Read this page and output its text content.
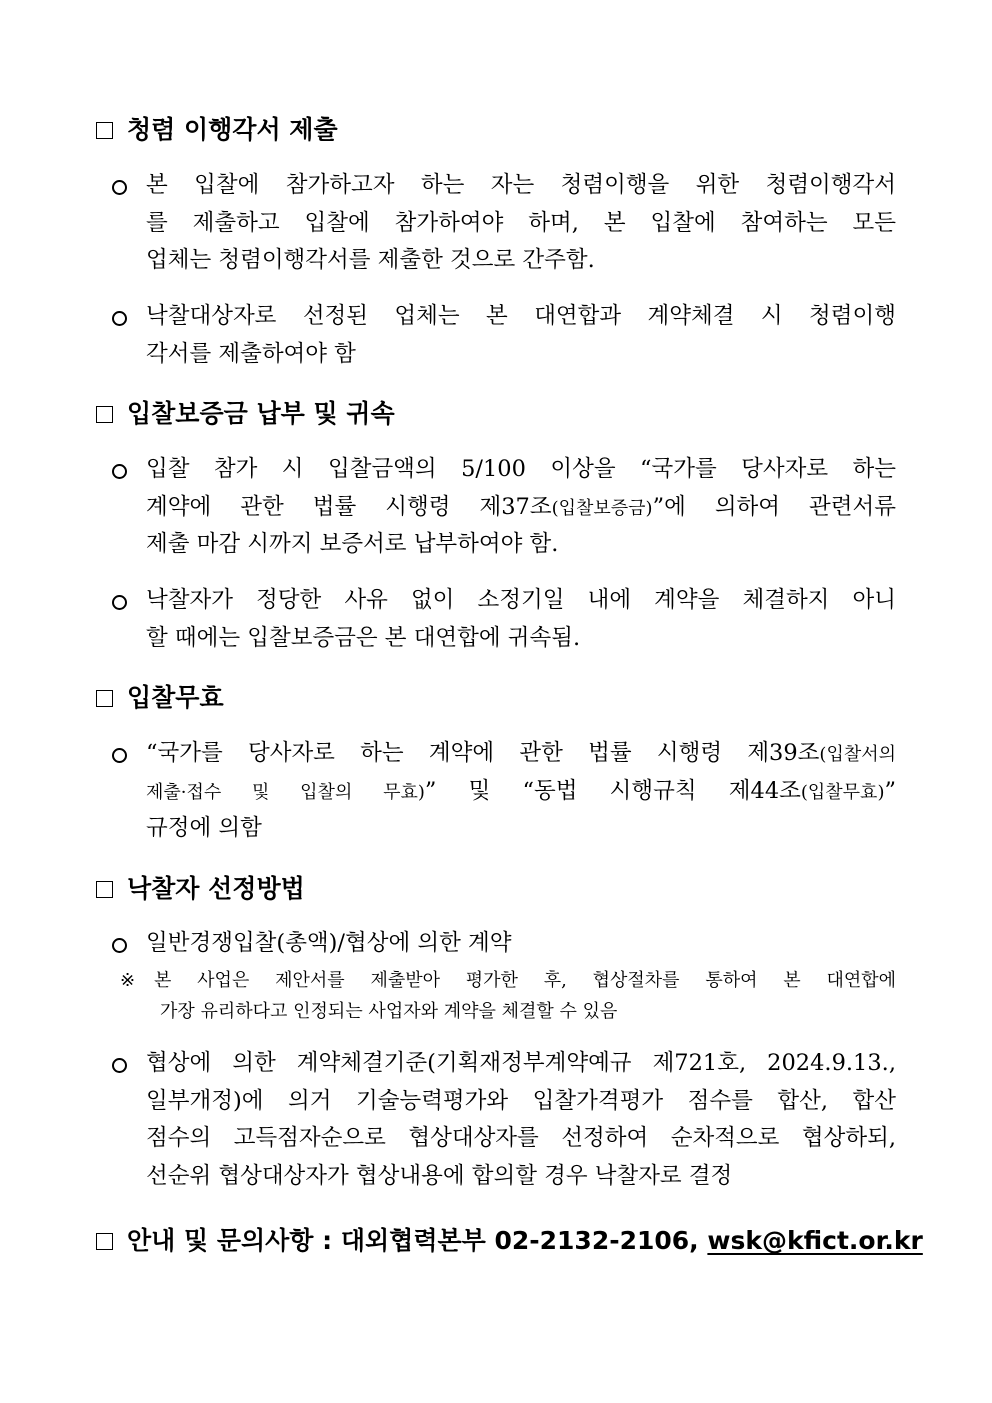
청렴 이행각서 제출
본 입찰에 참가하고자 하는 자는 청렴이행을 위한 청렴이행각서
를 제출하고 입찰에 참가하여야 하며, 본 입찰에 참여하는 모든
업체는 청렴이행각서를 제출한 것으로 간주함.
낙찰대상자로 선정된 업체는 본 대연합과 계약체결 시 청렴이행
각서를 제출하여야 함
입찰보증금 납부 및 귀속
입찰 참가 시 입찰금액의 5/100 이상을 “국가를 당사자로 하는
계약에 관한 법률 시행령 제37조(입찰보증금)”에 의하여 관련서류
제출 마감 시까지 보증서로 납부하여야 함.
낙찰자가 정당한 사유 없이 소정기일 내에 계약을 체결하지 아니
할 때에는 입찰보증금은 본 대연합에 귀속됨.
입찰무효
“국가를 당사자로 하는 계약에 관한 법률 시행령 제39조(입찰서의
제출·접수 및 입찰의 무효)” 및 “동법 시행규칙 제44조(입찰무효)”
규정에 의함
낙찰자 선정방법
일반경쟁입찰(총액)/협상에 의한 계약
※	본 사업은 제안서를 제출받아 평가한 후, 협상절차를 통하여 본 대연합에
가장 유리하다고 인정되는 사업자와 계약을 체결할 수 있음
협상에 의한 계약체결기준(기획재정부계약예규 제721호, 2024.9.13.,
일부개정)에 의거 기술능력평가와 입찰가격평가 점수를 합산, 합산
점수의 고득점자순으로 협상대상자를 선정하여 순차적으로 협상하되,
선순위 협상대상자가 협상내용에 합의할 경우 낙찰자로 결정
안내 및 문의사항 : 대외협력본부 02-2132-2106, wsk@kfict.or.kr
